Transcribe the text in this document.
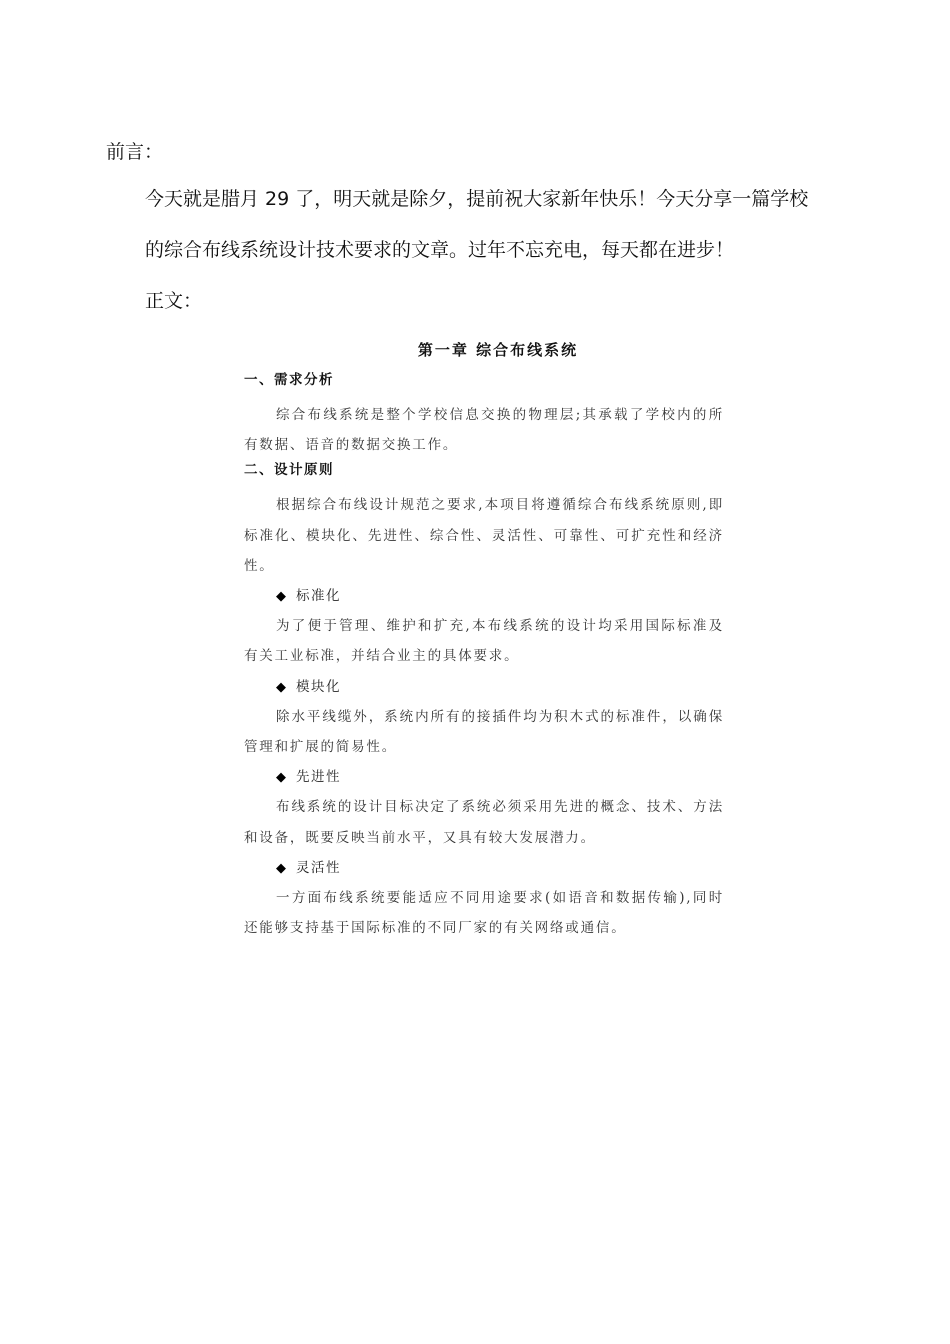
前言：
今天就是腊月 29 了，明天就是除夕，提前祝大家新年快乐！今天分享一篇学校
的综合布线系统设计技术要求的文章。过年不忘充电，每天都在进步！
正文：
第一章 综合布线系统
一、需求分析

综合布线系统是整个学校信息交换的物理层;其承载了学校内的所有数据、语音的数据交换工作。

二、设计原则

根据综合布线设计规范之要求,本项目将遵循综合布线系统原则,即标准化、模块化、先进性、综合性、灵活性、可靠性、可扩充性和经济性。

◆ 标准化

为了便于管理、维护和扩充,本布线系统的设计均采用国际标准及有关工业标准，并结合业主的具体要求。

◆ 模块化

除水平线缆外，系统内所有的接插件均为积木式的标准件，以确保管理和扩展的简易性。

◆ 先进性

布线系统的设计目标决定了系统必须采用先进的概念、技术、方法和设备，既要反映当前水平，又具有较大发展潜力。

◆ 灵活性

一方面布线系统要能适应不同用途要求(如语音和数据传输),同时还能够支持基于国际标准的不同厂家的有关网络或通信。
